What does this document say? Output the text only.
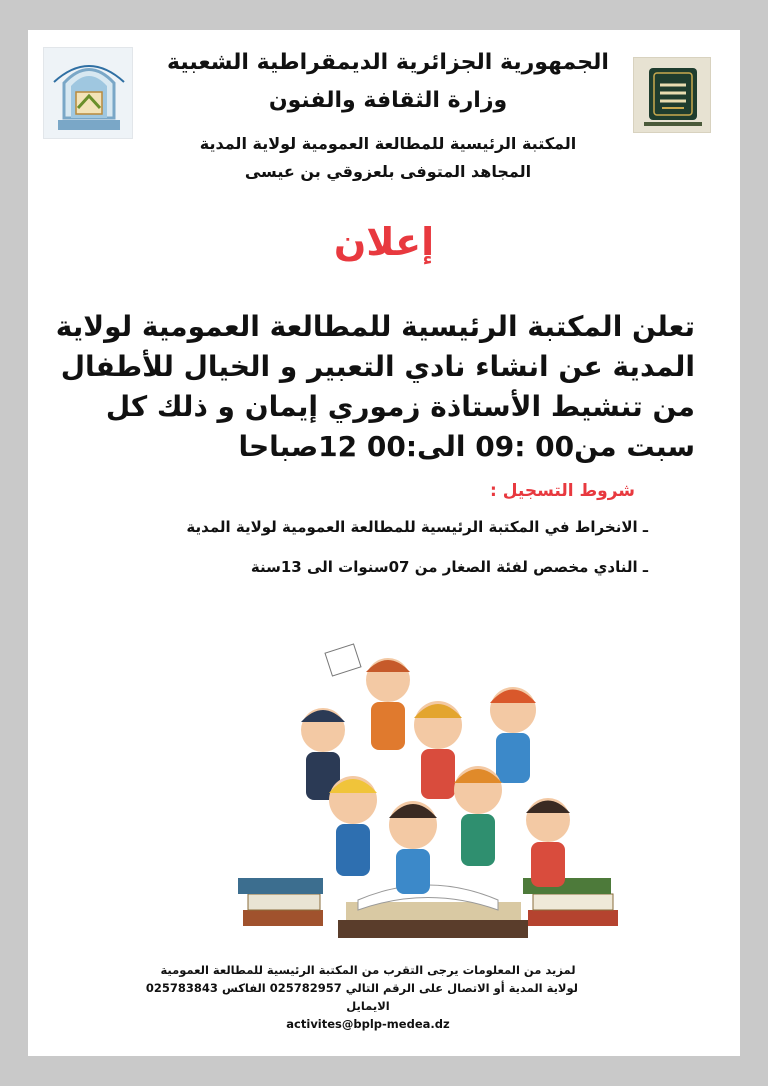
الجمهورية الجزائرية الديمقراطية الشعبية
وزارة الثقافة والفنون
المكتبة الرئيسية للمطالعة العمومية لولاية المدية
المجاهد المتوفى بلعزوقي بن عيسى
إعلان
تعلن المكتبة الرئيسية للمطالعة العمومية لولاية
المدية عن انشاء نادي التعبير و الخيال للأطفال
من تنشيط الأستاذة زموري إيمان و ذلك كل
سبت من00 :09 الى:00 12صباحا
شروط التسجيل :
ـ الانخراط في المكتبة الرئيسية للمطالعة العمومية لولاية المدية
ـ النادي مخصص لفئة الصغار من 07سنوات الى 13سنة
لمزيد من المعلومات يرجى التقرب من المكتبة الرئيسية للمطالعة العمومية
لولاية المدية أو الاتصال على الرقم التالي 025782957 الفاكس 025783843
الايمايل
activites@bplp-medea.dz
